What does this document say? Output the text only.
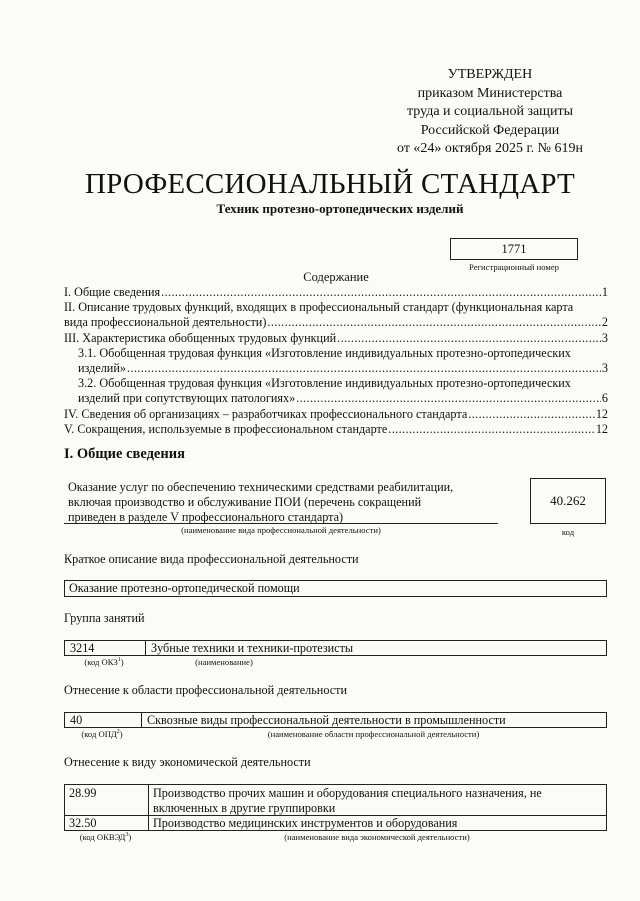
УТВЕРЖДЕН
приказом Министерства
труда и социальной защиты
Российской Федерации
от «24» октября 2025 г. № 619н
ПРОФЕССИОНАЛЬНЫЙ СТАНДАРТ
Техник протезно-ортопедических изделий
1771
Регистрационный номер
Содержание
I. Общие сведения .....	1
II. Описание трудовых функций, входящих в профессиональный стандарт (функциональная карта
вида профессиональной деятельности) .....	2
III. Характеристика обобщенных трудовых функций .....	3
3.1. Обобщенная трудовая функция «Изготовление индивидуальных протезно-ортопедических
изделий» .....	3
3.2. Обобщенная трудовая функция «Изготовление индивидуальных протезно-ортопедических
изделий при сопутствующих патологиях» .....	6
IV. Сведения об организациях – разработчиках профессионального стандарта .....	12
V. Сокращения, используемые в профессиональном стандарте .....	12
I. Общие сведения
Оказание услуг по обеспечению техническими средствами реабилитации,
включая производство и обслуживание ПОИ (перечень сокращений
приведен в разделе V профессионального стандарта)
(наименование вида профессиональной деятельности)
40.262
код
Краткое описание вида профессиональной деятельности
Оказание протезно-ортопедической помощи
Группа занятий
3214	Зубные техники и техники-протезисты
(код ОКЗ$^1$)	(наименование)
Отнесение к области профессиональной деятельности
40	Сквозные виды профессиональной деятельности в промышленности
(код ОПД$^2$)	(наименование области профессиональной деятельности)
Отнесение к виду экономической деятельности
28.99	Производство прочих машин и оборудования специального назначения, не
включенных в другие группировки
32.50	Производство медицинских инструментов и оборудования
(код ОКВЭД$^3$)	(наименование вида экономической деятельности)
